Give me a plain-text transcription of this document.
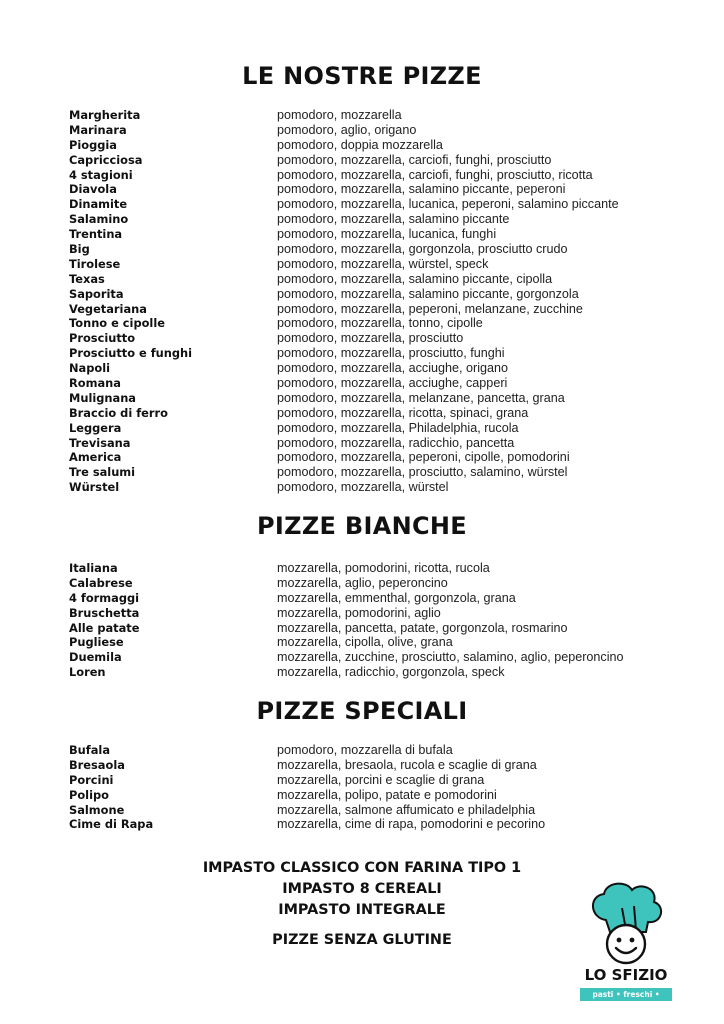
LE NOSTRE PIZZE
Margherita	pomodoro, mozzarella
Marinara	pomodoro, aglio, origano
Pioggia	pomodoro, doppia mozzarella
Capricciosa	pomodoro, mozzarella, carciofi, funghi, prosciutto
4 stagioni	pomodoro, mozzarella, carciofi, funghi, prosciutto, ricotta
Diavola	pomodoro, mozzarella, salamino piccante, peperoni
Dinamite	pomodoro, mozzarella, lucanica, peperoni, salamino piccante
Salamino	pomodoro, mozzarella, salamino piccante
Trentina	pomodoro, mozzarella, lucanica, funghi
Big	pomodoro, mozzarella, gorgonzola, prosciutto crudo
Tirolese	pomodoro, mozzarella, würstel, speck
Texas	pomodoro, mozzarella, salamino piccante, cipolla
Saporita	pomodoro, mozzarella, salamino piccante, gorgonzola
Vegetariana	pomodoro, mozzarella, peperoni, melanzane, zucchine
Tonno e cipolle	pomodoro, mozzarella, tonno, cipolle
Prosciutto	pomodoro, mozzarella, prosciutto
Prosciutto e funghi	pomodoro, mozzarella, prosciutto, funghi
Napoli	pomodoro, mozzarella, acciughe, origano
Romana	pomodoro, mozzarella, acciughe, capperi
Mulignana	pomodoro, mozzarella, melanzane, pancetta, grana
Braccio di ferro	pomodoro, mozzarella, ricotta, spinaci, grana
Leggera	pomodoro, mozzarella, Philadelphia, rucola
Trevisana	pomodoro, mozzarella, radicchio, pancetta
America	pomodoro, mozzarella, peperoni, cipolle, pomodorini
Tre salumi	pomodoro, mozzarella, prosciutto, salamino, würstel
Würstel	pomodoro, mozzarella, würstel
PIZZE BIANCHE
Italiana	mozzarella, pomodorini, ricotta, rucola
Calabrese	mozzarella, aglio, peperoncino
4 formaggi	mozzarella, emmenthal, gorgonzola, grana
Bruschetta	mozzarella, pomodorini, aglio
Alle patate	mozzarella, pancetta, patate, gorgonzola, rosmarino
Pugliese	mozzarella, cipolla, olive, grana
Duemila	mozzarella, zucchine, prosciutto, salamino, aglio, peperoncino
Loren	mozzarella, radicchio, gorgonzola, speck
PIZZE SPECIALI
Bufala	pomodoro, mozzarella di bufala
Bresaola	mozzarella, bresaola, rucola e scaglie di grana
Porcini	mozzarella, porcini e scaglie di grana
Polipo	mozzarella, polipo, patate e pomodorini
Salmone	mozzarella, salmone affumicato e philadelphia
Cime di Rapa	mozzarella, cime di rapa, pomodorini e pecorino
IMPASTO CLASSICO CON FARINA TIPO 1
IMPASTO 8 CEREALI
IMPASTO INTEGRALE
PIZZE SENZA GLUTINE
LO SFIZIO
pasti • freschi • pronti
